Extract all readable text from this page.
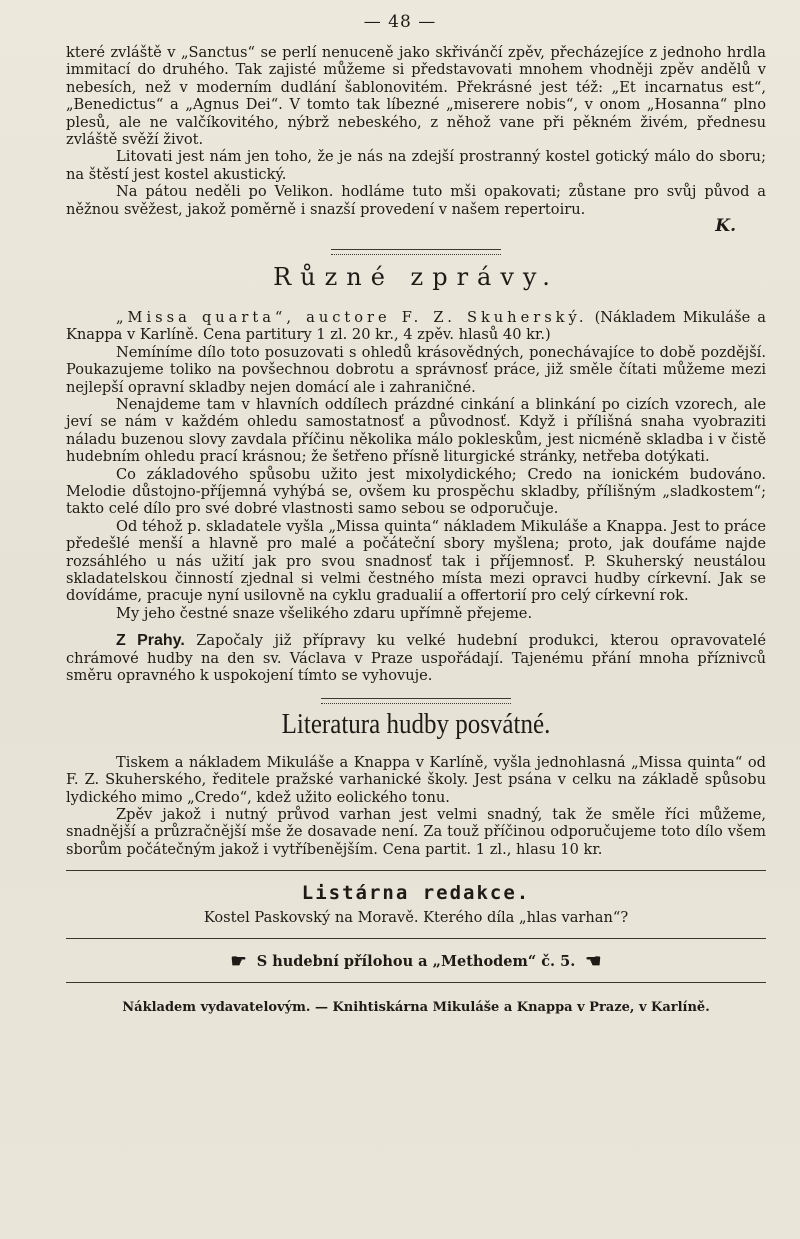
— 48 —

které zvláště v „Sanctus“ se perlí nenuceně jako skřivánčí zpěv, přecházejíce z jednoho hrdla immitací do druhého. Tak zajisté můžeme si představovati mnohem vhodněji zpěv andělů v nebesích, než v moderním dudlání šablonovitém. Překrásné jest též: „Et incarnatus est“, „Benedictus“ a „Agnus Dei“. V tomto tak líbezné „miserere nobis“, v onom „Hosanna“ plno plesů, ale ne valčíkovitého, nýbrž nebeského, z něhož vane při pěkném živém, přednesu zvláště svěží život.

Litovati jest nám jen toho, že je nás na zdejší prostranný kostel gotický málo do sboru; na štěstí jest kostel akustický.

Na pátou neděli po Velikon. hodláme tuto mši opakovati; zůstane pro svůj původ a něžnou svěžest, jakož poměrně i snazší provedení v našem repertoiru.

K.
Různé zprávy.

„Missa quarta“, auctore F. Z. Skuherský. (Nákladem Mikuláše a Knappa v Karlíně. Cena partitury 1 zl. 20 kr., 4 zpěv. hlasů 40 kr.)

Nemíníme dílo toto posuzovati s ohledů krásovědných, ponechávajíce to době pozdější. Poukazujeme toliko na povšechnou dobrotu a správnosť práce, již směle čítati můžeme mezi nejlepší opravní skladby nejen domácí ale i zahraničné.

Nenajdeme tam v hlavních oddílech prázdné cinkání a blinkání po cizích vzorech, ale jeví se nám v každém ohledu samostatnosť a původnosť. Když i přílišná snaha vyobraziti náladu buzenou slovy zavdala příčinu několika málo pokleskům, jest nicméně skladba i v čistě hudebním ohledu prací krásnou; že šetřeno přísně liturgické stránky, netřeba dotýkati.

Co základového spůsobu užito jest mixolydického; Credo na ionickém budováno. Melodie důstojno-příjemná vyhýbá se, ovšem ku prospěchu skladby, přílišným „sladkostem“; takto celé dílo pro své dobré vlastnosti samo sebou se odporučuje.

Od téhož p. skladatele vyšla „Missa quinta“ nákladem Mikuláše a Knappa. Jest to práce předešlé menší a hlavně pro malé a počáteční sbory myšlena; proto, jak doufáme najde rozsáhlého u nás užití jak pro svou snadnosť tak i příjemnosť. P. Skuherský neustálou skladatelskou činností zjednal si velmi čestného místa mezi opravci hudby církevní. Jak se dovídáme, pracuje nyní usilovně na cyklu gradualií a offertorií pro celý církevní rok.

My jeho čestné snaze všelikého zdaru upřímně přejeme.

Z Prahy. Započaly již přípravy ku velké hudební produkci, kterou opravovatelé chrámové hudby na den sv. Václava v Praze uspořádají. Tajenému přání mnoha příznivců směru opravného k uspokojení tímto se vyhovuje.

Literatura hudby posvátné.

Tiskem a nákladem Mikuláše a Knappa v Karlíně, vyšla jednohlasná „Missa quinta“ od F. Z. Skuherského, ředitele pražské varhanické školy. Jest psána v celku na základě spůsobu lydického mimo „Credo“, kdež užito eolického tonu.

Zpěv jakož i nutný průvod varhan jest velmi snadný, tak že směle říci můžeme, snadnější a průzračnější mše že dosavade není. Za touž příčinou odporučujeme toto dílo všem sborům počátečným jakož i vytříbenějším. Cena partit. 1 zl., hlasu 10 kr.

Listárna redakce.
Kostel Paskovský na Moravě. Kterého díla „hlas varhan“?
☛ S hudební přílohou a „Methodem“ č. 5. ☚
Nákladem vydavatelovým. — Knihtiskárna Mikuláše a Knappa v Praze, v Karlíně.
